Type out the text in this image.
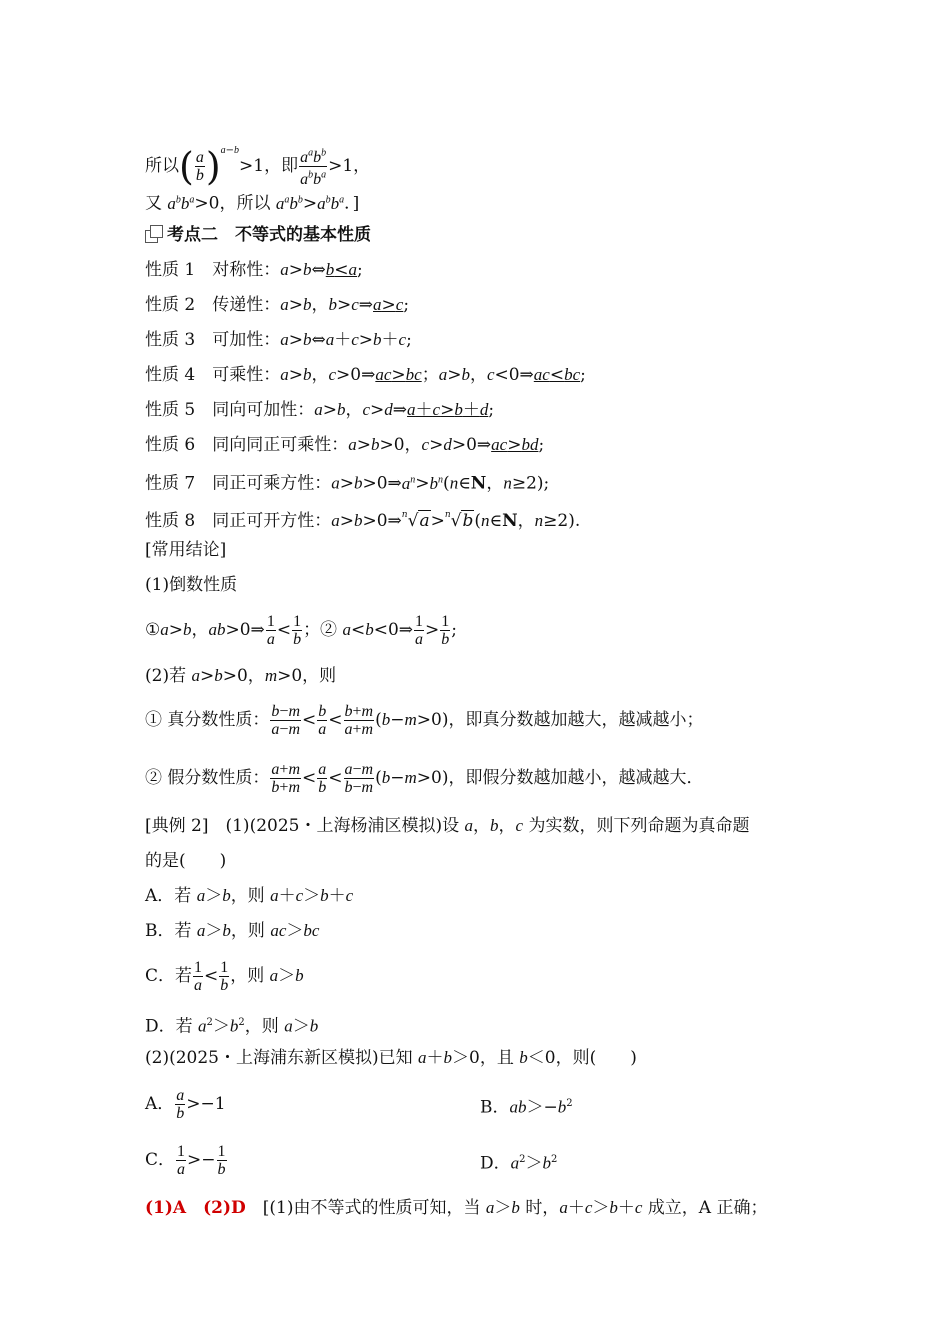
所以( $\frac{a}{b} )^{a-b}>1$，即 $\frac{a^ab^b}{a^bb^a} >1$，
又 $a^bb^a>0$，所以 $a^ab^b>a^bb^a$．]
考点二　不等式的基本性质
性质 1　 对称性：a>b⇔b<a;
性质 2　 传递性：a>b，b>c⇒a>c;
性质 3　 可加性：a>b⇔a＋c>b＋c;
性质 4　 可乘性：a>b，c>0⇒ac>bc；a>b，c<0⇒ac<bc;
性质 5　 同向可加性：a>b，c>d⇒a＋c>b＋d;
性质 6　 同向同正可乘性：a>b>0，c>d>0⇒ac>bd;
性质 7　 同正可乘方性：$a>b>0\Rightarrow a^n>b^n(n\in N$，n≥2);
性质 8　 同正可开方性：a>b>0⇒$^n$√a>$^n$√b(n∈N，n≥2).
[常用结论]
(1)倒数性质
①a>b，ab>0⇒ $\frac{1}{a} < \frac{1}{b}$ ；② a<b<0⇒ $\frac{1}{a} > \frac{1}{b}$ ;
(2)若 a>b>0，m>0，则
① 真分数性质： $\frac{b-m}{a-m} < \frac{b}{a} < \frac{b+m}{a+m} (b-m>0)$，即真分数越加越大，越减越小；
② 假分数性质： $\frac{a+m}{b+m} < \frac{a}{b} < \frac{a-m}{b-m} (b-m>0)$，即假分数越加越小，越减越大．
[典例 2]　 (1)(2025・上海杨浦区模拟)设 a，b，c 为实数，则下列命题为真命题
的是(　　)
A．若 a＞b，则 a＋c＞b＋c
B．若 a＞b，则 ac＞bc
C．若 $\frac{1}{a} < \frac{1}{b}$ ，则 a＞b
D．若 $a^2>b^2$，则 a＞b
(2)(2025・上海浦东新区模拟)已知 a＋b＞0，且 b＜0，则(　　)
A． $\frac{a}{b} >-1$	B．$ab>-b^2$
C． $\frac{1}{a} >- \frac{1}{b}$	D．$a^2>b^2$
(1)A　 (2)D　 [(1)由不等式的性质可知，当 a＞b 时，a＋c＞b＋c 成立，A 正确；
